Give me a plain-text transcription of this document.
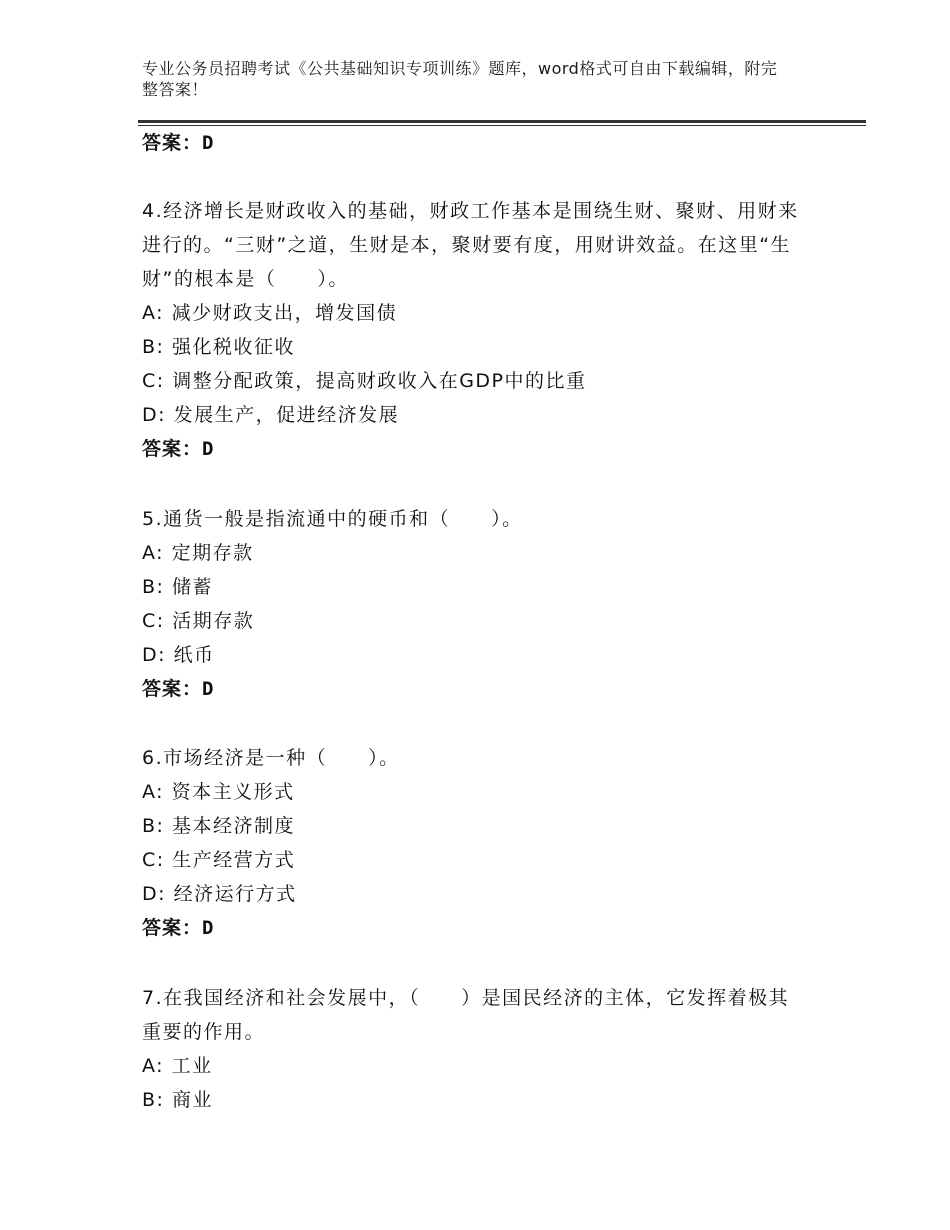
专业公务员招聘考试《公共基础知识专项训练》题库，word格式可自由下载编辑，附完整答案！
答案：D
4.经济增长是财政收入的基础，财政工作基本是围绕生财、聚财、用财来进行的。“三财”之道，生财是本，聚财要有度，用财讲效益。在这里“生财”的根本是（　　）。
A: 减少财政支出，增发国债
B: 强化税收征收
C: 调整分配政策，提高财政收入在GDP中的比重
D: 发展生产，促进经济发展
答案：D
5.通货一般是指流通中的硬币和（　　）。
A: 定期存款
B: 储蓄
C: 活期存款
D: 纸币
答案：D
6.市场经济是一种（　　）。
A: 资本主义形式
B: 基本经济制度
C: 生产经营方式
D: 经济运行方式
答案：D
7.在我国经济和社会发展中，（　　）是国民经济的主体，它发挥着极其重要的作用。
A: 工业
B: 商业
